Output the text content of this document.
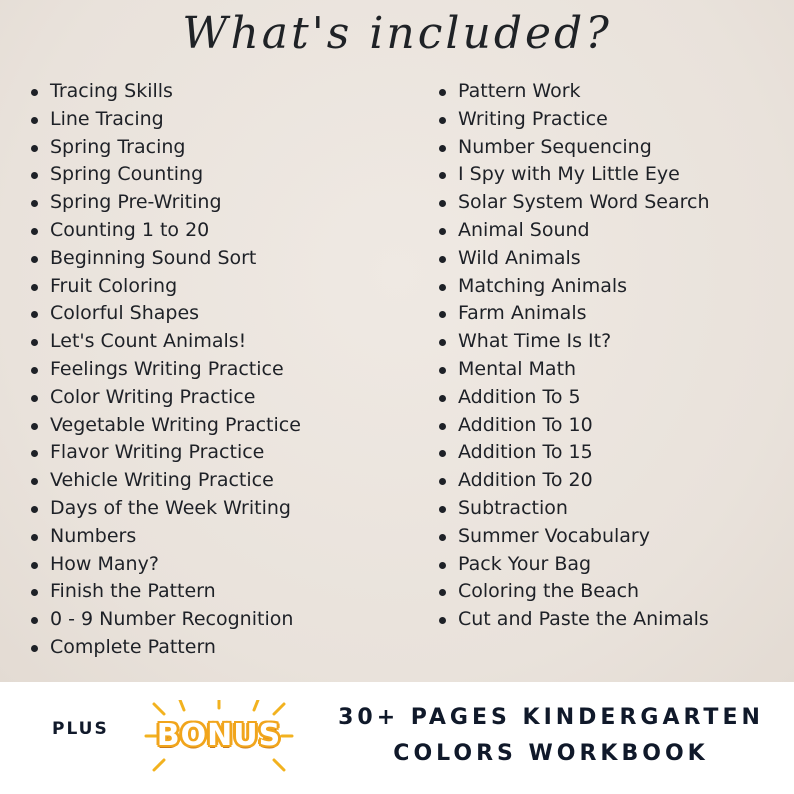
What's included?
Tracing Skills
Line Tracing
Spring Tracing
Spring Counting
Spring Pre-Writing
Counting 1 to 20
Beginning Sound Sort
Fruit Coloring
Colorful Shapes
Let's Count Animals!
Feelings Writing Practice
Color Writing Practice
Vegetable Writing Practice
Flavor Writing Practice
Vehicle Writing Practice
Days of the Week Writing
Numbers
How Many?
Finish the Pattern
0 - 9 Number Recognition
Complete Pattern
Pattern Work
Writing Practice
Number Sequencing
I Spy with My Little Eye
Solar System Word Search
Animal Sound
Wild Animals
Matching Animals
Farm Animals
What Time Is It?
Mental Math
Addition To 5
Addition To 10
Addition To 15
Addition To 20
Subtraction
Summer Vocabulary
Pack Your Bag
Coloring the Beach
Cut and Paste the Animals
PLUS BONUS
30+ PAGES KINDERGARTEN
COLORS WORKBOOK
